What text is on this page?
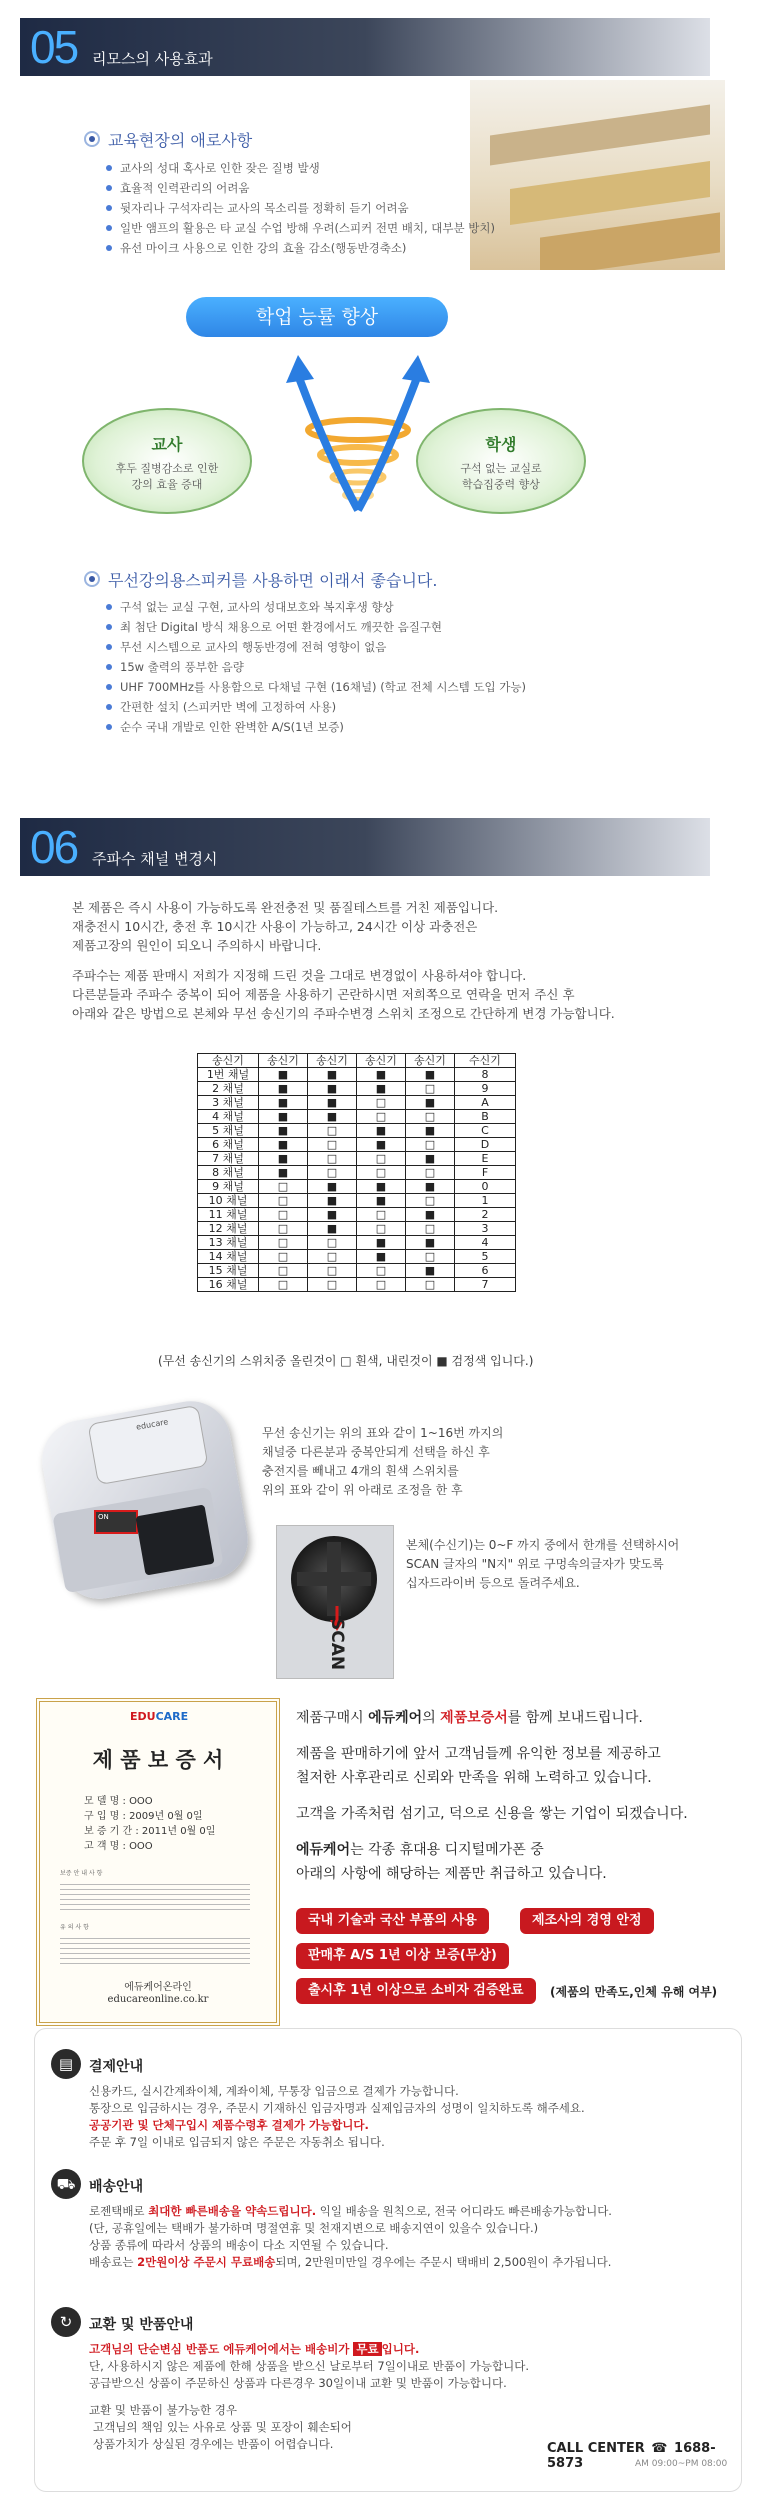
05 리모스의 사용효과
교육현장의 애로사항
교사의 성대 혹사로 인한 잦은 질병 발생
효율적 인력관리의 어려움
뒷자리나 구석자리는 교사의 목소리를 정확히 듣기 어려움
일반 앰프의 활용은 타 교실 수업 방해 우려(스피커 전면 배치, 대부분 방치)
유선 마이크 사용으로 인한 강의 효율 감소(행동반경축소)
학업 능률 향상
교사
후두 질병감소로 인한
강의 효율 증대
학생
구석 없는 교실로
학습집중력 향상
무선강의용스피커를 사용하면 이래서 좋습니다.
구석 없는 교실 구현, 교사의 성대보호와 복지후생 향상
최 첨단 Digital 방식 채용으로 어떤 환경에서도 깨끗한 음질구현
무선 시스템으로 교사의 행동반경에 전혀 영향이 없음
15w 출력의 풍부한 음량
UHF 700MHz를 사용함으로 다채널 구현 (16채널) (학교 전체 시스템 도입 가능)
간편한 설치 (스피커만 벽에 고정하여 사용)
순수 국내 개발로 인한 완벽한 A/S(1년 보증)
06 주파수 채널 변경시
본 제품은 즉시 사용이 가능하도록 완전충전 및 품질테스트를 거친 제품입니다.
재충전시 10시간, 충전 후 10시간 사용이 가능하고, 24시간 이상 과충전은
제품고장의 원인이 되오니 주의하시 바랍니다.
주파수는 제품 판매시 저희가 지정해 드린 것을 그대로 변경없이 사용하셔야 합니다.
다른분들과 주파수 중복이 되어 제품을 사용하기 곤란하시면 저희쪽으로 연락을 먼저 주신 후
아래와 같은 방법으로 본체와 무선 송신기의 주파수변경 스위치 조정으로 간단하게 변경 가능합니다.
송신기	송신기	송신기	송신기	송신기	수신기
1번 채널	■	■	■	■	8
2 채널	■	■	■	□	9
3 채널	■	■	□	■	A
4 채널	■	■	□	□	B
5 채널	■	□	■	■	C
6 채널	■	□	■	□	D
7 채널	■	□	□	■	E
8 채널	■	□	□	□	F
9 채널	□	■	■	■	0
10 채널	□	■	■	□	1
11 채널	□	■	□	■	2
12 채널	□	■	□	□	3
13 채널	□	□	■	■	4
14 채널	□	□	■	□	5
15 채널	□	□	□	■	6
16 채널	□	□	□	□	7
(무선 송신기의 스위치중 올린것이 □ 흰색, 내린것이 ■ 검정색 입니다.)
educare
ON
무선 송신기는 위의 표와 같이 1~16번 까지의
채널중 다른분과 중복안되게 선택을 하신 후
충전지를 빼내고 4개의 흰색 스위치를
위의 표와 같이 위 아래로 조정을 한 후
SCAN
본체(수신기)는 0~F 까지 중에서 한개를 선택하시어
SCAN 글자의 "N지" 위로 구멍속의글자가 맞도록
십자드라이버 등으로 돌려주세요.
EDUCARE
제 품 보 증 서
모 델 명 : OOO
구 입 명 : 2009년 0월 0일
보 증 기 간 : 2011년 0월 0일
고 객 명 : OOO
보증 안 내 사 항
유 의 사 항
에듀케어온라인
educareonline.co.kr
제품구매시 에듀케어의 제품보증서를 함께 보내드립니다.
제품을 판매하기에 앞서 고객님들께 유익한 정보를 제공하고
철저한 사후관리로 신뢰와 만족을 위해 노력하고 있습니다.
고객을 가족처럼 섬기고, 덕으로 신용을 쌓는 기업이 되겠습니다.
에듀케어는 각종 휴대용 디지털메가폰 중
아래의 사항에 해당하는 제품만 취급하고 있습니다.
국내 기술과 국산 부품의 사용	제조사의 경영 안정
판매후 A/S 1년 이상 보증(무상)
출시후 1년 이상으로 소비자 검증완료	(제품의 만족도,인체 유해 여부)
▤	결제안내
신용카드, 실시간계좌이체, 계좌이체, 무통장 입금으로 결제가 가능합니다.
통장으로 입금하시는 경우, 주문시 기재하신 입금자명과 실제입금자의 성명이 일치하도록 해주세요.
공공기관 및 단체구입시 제품수령후 결제가 가능합니다.
주문 후 7일 이내로 입금되지 않은 주문은 자동취소 됩니다.
⛟ 배송안내
로젠택배로 최대한 빠른배송을 약속드립니다. 익일 배송을 원칙으로, 전국 어디라도 빠른배송가능합니다.
(단, 공휴일에는 택배가 불가하며 명절연휴 및 천재지변으로 배송지연이 있을수 있습니다.)
상품 종류에 따라서 상품의 배송이 다소 지연될 수 있습니다.
배송료는 2만원이상 주문시 무료배송되며, 2만원미만일 경우에는 주문시 택배비 2,500원이 추가됩니다.
↻	교환 및 반품안내
고객님의 단순변심 반품도 에듀케어에서는 배송비가 무료 입니다.
단, 사용하시지 않은 제품에 한해 상품을 받으신 날로부터 7일이내로 반품이 가능합니다.
공급받으신 상품이 주문하신 상품과 다른경우 30일이내 교환 및 반품이 가능합니다.
교환 및 반품이 불가능한 경우
고객님의 책임 있는 사유로 상품 및 포장이 훼손되어
상품가치가 상실된 경우에는 반품이 어렵습니다.	CALL CENTER ☎ 1688-5873	AM 09:00~PM 08:00
